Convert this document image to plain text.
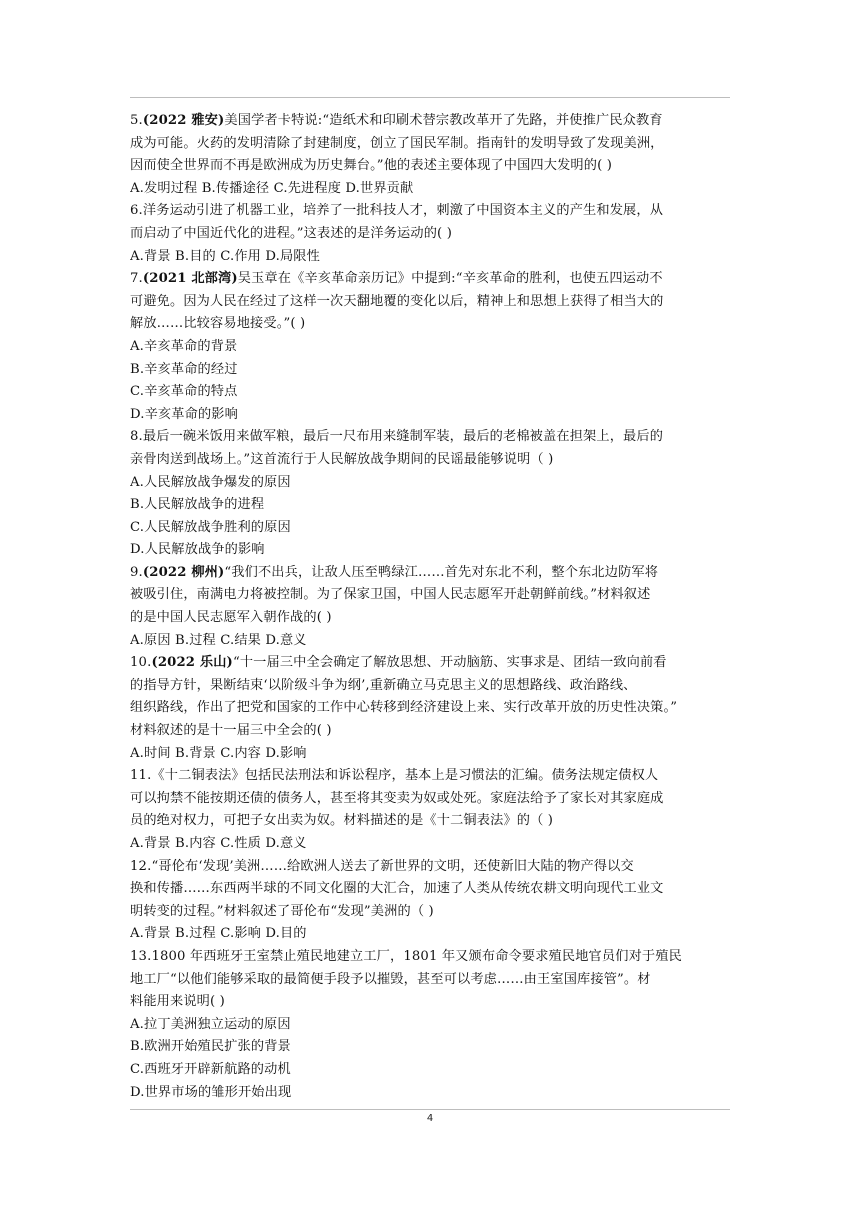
5.(2022 雅安)美国学者卡特说:“造纸术和印刷术替宗教改革开了先路，并使推广民众教育
成为可能。火药的发明清除了封建制度，创立了国民军制。指南针的发明导致了发现美洲，
因而使全世界而不再是欧洲成为历史舞台。”他的表述主要体现了中国四大发明的( )
A.发明过程 B.传播途径 C.先进程度 D.世界贡献
6.洋务运动引进了机器工业，培养了一批科技人才，刺激了中国资本主义的产生和发展，从
而启动了中国近代化的进程。”这表述的是洋务运动的( )
A.背景 B.目的 C.作用 D.局限性
7.(2021 北部湾)吴玉章在《辛亥革命亲历记》中提到:“辛亥革命的胜利，也使五四运动不
可避免。因为人民在经过了这样一次天翻地覆的变化以后，精神上和思想上获得了相当大的
解放……比较容易地接受。”( )
A.辛亥革命的背景
B.辛亥革命的经过
C.辛亥革命的特点
D.辛亥革命的影响
8.最后一碗米饭用来做军粮，最后一尺布用来缝制军装，最后的老棉被盖在担架上，最后的
亲骨肉送到战场上。”这首流行于人民解放战争期间的民谣最能够说明（ )
A.人民解放战争爆发的原因
B.人民解放战争的进程
C.人民解放战争胜利的原因
D.人民解放战争的影响
9.(2022 柳州)“我们不出兵，让敌人压至鸭绿江……首先对东北不利，整个东北边防军将
被吸引住，南满电力将被控制。为了保家卫国，中国人民志愿军开赴朝鲜前线。”材料叙述
的是中国人民志愿军入朝作战的( )
A.原因 B.过程 C.结果 D.意义
10.(2022 乐山)“十一届三中全会确定了解放思想、开动脑筋、实事求是、团结一致向前看
的指导方针，果断结束‘以阶级斗争为纲’,重新确立马克思主义的思想路线、政治路线、
组织路线，作出了把党和国家的工作中心转移到经济建设上来、实行改革开放的历史性决策。”
材料叙述的是十一届三中全会的( )
A.时间 B.背景 C.内容 D.影响
11.《十二铜表法》包括民法刑法和诉讼程序，基本上是习惯法的汇编。债务法规定债权人
可以拘禁不能按期还债的债务人，甚至将其变卖为奴或处死。家庭法给予了家长对其家庭成
员的绝对权力，可把子女出卖为奴。材料描述的是《十二铜表法》的（ )
A.背景 B.内容 C.性质 D.意义
12.“哥伦布‘发现’美洲……给欧洲人送去了新世界的文明，还使新旧大陆的物产得以交
换和传播……东西两半球的不同文化圈的大汇合，加速了人类从传统农耕文明向现代工业文
明转变的过程。”材料叙述了哥伦布“发现”美洲的（ )
A.背景 B.过程 C.影响 D.目的
13.1800 年西班牙王室禁止殖民地建立工厂，1801 年又颁布命令要求殖民地官员们对于殖民
地工厂“以他们能够采取的最简便手段予以摧毁，甚至可以考虑……由王室国库接管”。材
料能用来说明( )
A.拉丁美洲独立运动的原因
B.欧洲开始殖民扩张的背景
C.西班牙开辟新航路的动机
D.世界市场的雏形开始出现
4
